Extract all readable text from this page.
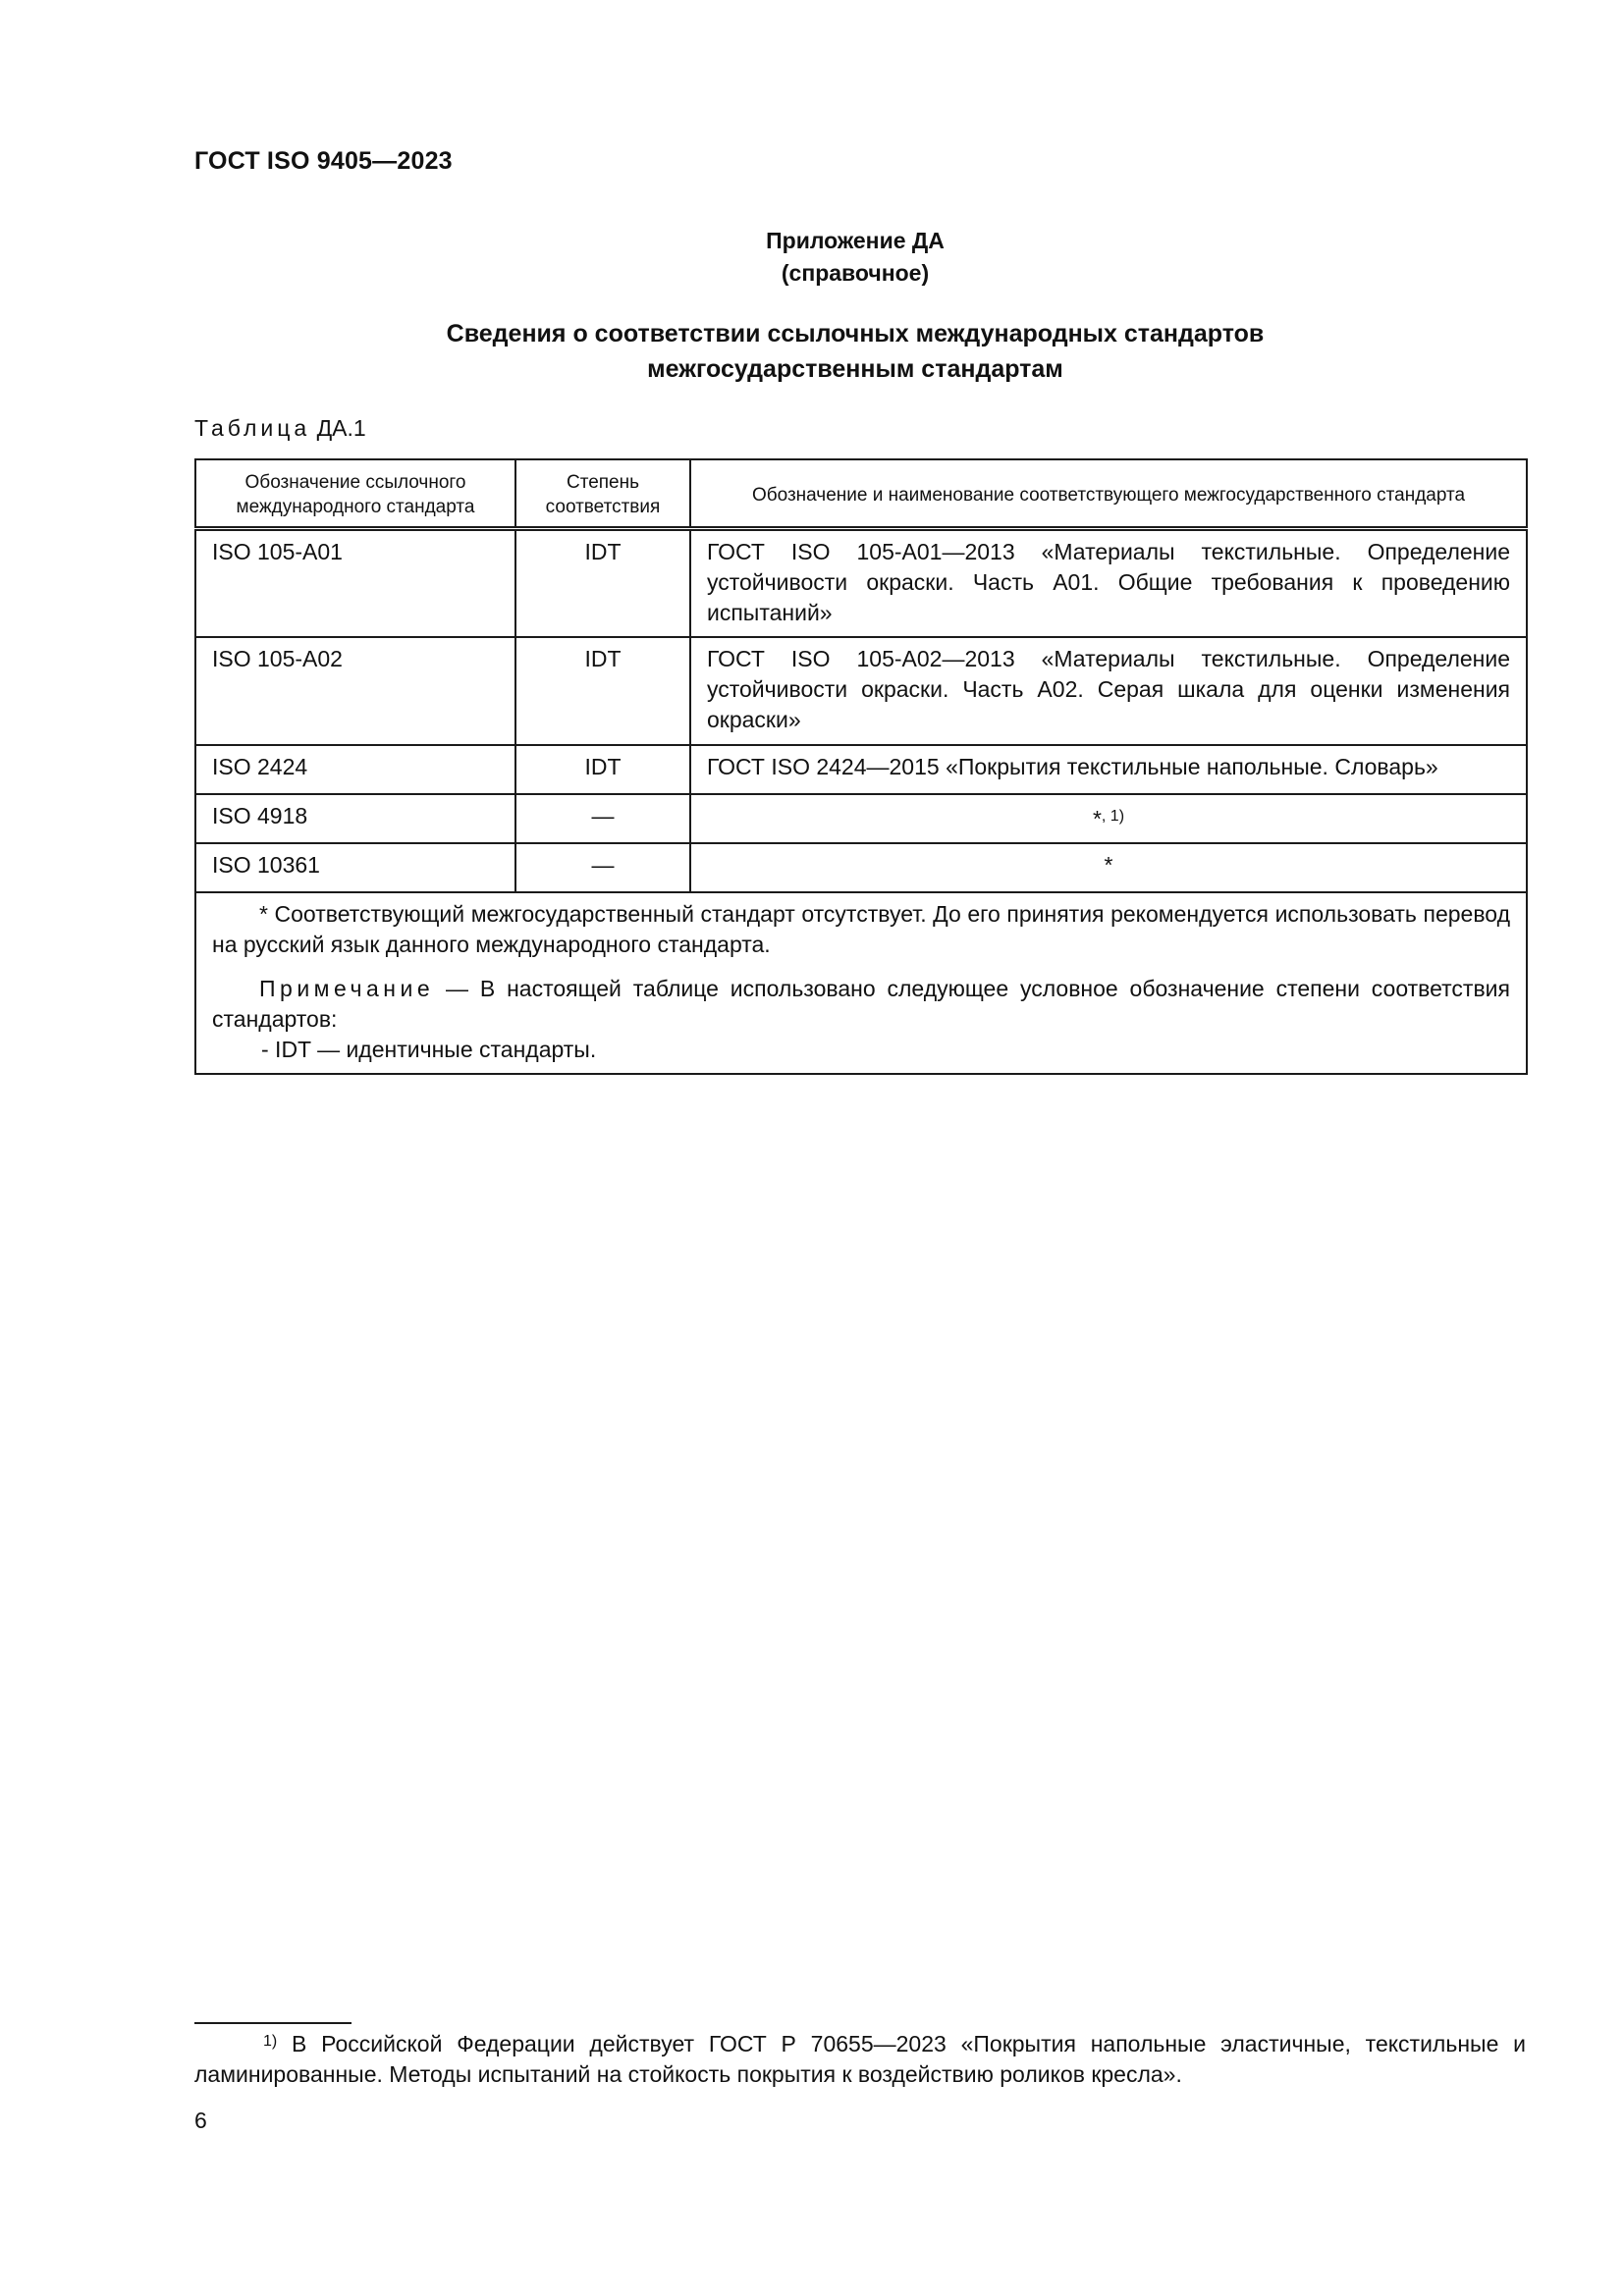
ГОСТ ISO 9405—2023
Приложение ДА
(справочное)
Сведения о соответствии ссылочных международных стандартов
межгосударственным стандартам
Таблица ДА.1
Обозначение ссылочного международного стандарта	Степень соответствия	Обозначение и наименование соответствующего межгосударственного стандарта
ISO 105-A01	IDT	ГОСТ ISO 105-A01—2013 «Материалы текстильные. Определение устойчивости окраски. Часть А01. Общие требования к проведению испытаний»
ISO 105-A02	IDT	ГОСТ ISO 105-A02—2013 «Материалы текстильные. Определение устойчивости окраски. Часть А02. Серая шкала для оценки изменения окраски»
ISO 2424	IDT	ГОСТ ISO 2424—2015 «Покрытия текстильные напольные. Словарь»
ISO 4918	—	*$^{, 1)}$
ISO 10361	—	*

* Соответствующий межгосударственный стандарт отсутствует. До его принятия рекомендуется использовать перевод на русский язык данного международного стандарта.

Примечание — В настоящей таблице использовано следующее условное обозначение степени соответствия стандартов:

- IDT — идентичные стандарты.		

$^{1)}$ В Российской Федерации действует ГОСТ Р 70655—2023 «Покрытия напольные эластичные, текстильные и ламинированные. Методы испытаний на стойкость покрытия к воздействию роликов кресла».
6
